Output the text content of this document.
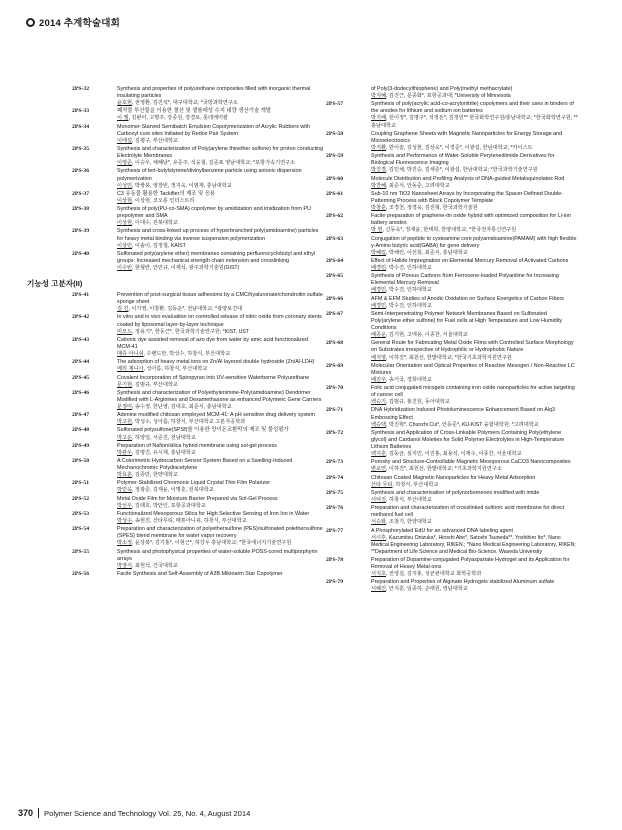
2014 추계학술대회
2PS-32	Synthesis and properties of polyurethane composites filled with inorganic thermal insulating particles
윤호현, 권영환, 김진석*, 대구대학교; *국방과학연구소
2PS-33	폐작물 부산물을 이용한 철산 및 셀룰래성 수지 대량 생산기술 개발
이 엘, 김완이, 고명주, 강종원, 강경보, 롯데케미칼
2PS-34	Monomer-Starved Semibatch Emulsion Copolymerization of Acrylic Rubbers with Carboxyl cure sites Initiated by Redox Pair System
이태섭, 김평구, 부산대학교
2PS-35	Synthesis and characterization of Poly(arylene thioether sulfone) for proton conducting Electrolyte Membranes
이영준, 이승우, 채혜남*, 유준주, 석웅철, 김준표 영남대학교; *포항가속기연구소
2PS-36	Synthesis of tert-butylstyrene/divinylbenzene particle using anionic dispersion polymerization
이성민, 박쌍붕, 영장빈, 정지욱, 이범재, 충남대학교
2PS-37	C3 유동물 활용한 Tackifier의 제조 및 응용
이상현, 이상현, 코오롱 인더스트리
2PS-38	Synthesis of poly(PU-co-SMA) copolymer by amidization and imidization from PU prepolymer and SMA
이상현, 이대수, 전북대학교
2PS-39	Synthesis and cross-linked up process of hyperbranched poly(amidoamine) particles for heavy metal binding via inverse suspension polymerization
이상민, 이솔이, 김정철, KAIST
2PS-40	Sulfonated poly(arylene ether) membranes containing perfluorocyclobutyl and ethyl groups: Increased mechanical strength chain extension and crosslinking
이수빈, 현형란, 안민규, 이재석, 광주과학기술원(GIST)
기능성 고분자(II)
2PS-41	Prevention of post-surgical tissue adhesions by a CMC/hyaluronate/chondroitin sulfate sponge sheet
김 진, 이기영, 이창환, 김동운*, 전남대학교; *광양보건대
2PS-42	In vitro and in vivo evaluation on controlled release of nitric oxide from coronary stents coated by liposomal layer-by-layer technique
미모드, 정용기*, 한동근*, 한국과학기술연구원; *KIST, UST
2PS-43	Cationic dye assisted removal of azo dye from water by amic acid functionalized MCM-41
매쥬 아니쉬, 수렌드란, 박성수, 하창식, 부산대학교
2PS-44	The adsorption of heavy metal ions on Zn/Al layered double hydroxide (Zn/Al-LDH)
메리 제니사, 성아름, 하창식, 부산대학교
2PS-45	Covalent Incorporation of Spiropyran into UV-sensitive Waterborne Polyurethane
문기현, 김범규, 부산대학교
2PS-46	Synthesis and characterization of Polyethylenimine-Poly(amidoamine) Dendrimer Modified with L-Arginines and Dexamethasone as enhanced Polymeric Gene Carriers
문정미, 송수정, 한난영, 김대호, 최준식, 충남대학교
2PS-47	Adenine modified chitosan employed MCM-41: A pH sensitive drug delivery system
박고원, 박성수, 성아름, 하창식, 부산대학교 고분자공학과
2PS-48	Sulfonated polysulfone(SPSf)를 이용한 양이온교환막의 제조 및 물성평가
박고운, 허양일, 서준진, 전남대학교
2PS-49	Preparation of Nafion/silica hybrid membrane using sol-gel process
박관우, 김명진, 유시재, 충남대학교
2PS-50	A Colorimetric Hydrocarbon Sensor System Based on a Swelling-Induced Mechanochromic Polydiacetylene
박효훈, 김종만, 한양대학교
2PS-51	Polymer-Stabilized Chromonic Liquid Crystal Thin Film Polarizer
박민욱, 정광준, 김재윤, 이명훈, 전북대학교
2PS-52	Metal Oxide Film for Moisture Barrier Prepared via Sol-Gel Process
박선우, 김래호, 박안인, 포항공과대학교
2PS-53	Functionalized Mesoporous Silica for High Selective Sensing of Iron Ion in Water
박성수, 송현진, 산타무티, 매튜아니쉬, 하창식, 부산대학교
2PS-54	Preparation and characterization of polyethersulfone (PES)/sulfonated polethersulfone (SPES) blend membrane for water vapor recovery
박소정, 윤상복*, 김기홍*, 이현근*, 허강우 충남대학교; *한국에너지기술연구원
2PS-55	Synthesis and photophysical properties of water-soluble POSS-cored multiporphyrin arrays
박영식, 최현석, 건국대학교
2PS-56	Facile Synthesis and Self-Assembly of A3B Miktoarm Star Copolymer
of Poly(3-dodecylthiophene) and Poly(methyl methacrylate)
박지혜, 김진근, 문종화*, 포항공과대; *University of Minnesota
2PS-57	Synthesis of poly(acrylic acid-co-acrylonitrile) copolymers and their uses in binders of the anodes for lithium and sodium ion batteries
박지해, 원이정*, 김명구*, 석정돈*, 김정민** 한국화학연구원/충남대학교; *한국화학연구원; **충남대학교
2PS-58	Coupling Graphene Sheets with Magnetic Nanoparticles for Energy Storage and Microelectronics
박지환, 한이슬, 김성현, 김상욱*, 이경준*, 이광섭, 한남대학교; *카이스트
2PS-59	Synthesis and Performance of Water-Soluble Perylenediimide Derivatives for Biological Fluorescence Imaging
박진경, 김민채, 박진승, 김세준*, 이광섭, 한남대학교; *한국과학기술연구원
2PS-60	Molecule Distribution and Profiling Analysis of DNA-guided Metaloquinolates Rod
박찬혜, 최준식, 안동준, 고려대학교
2PS-61	Sub-10 nm TiO2 Nanosheet Arrays by Incorporating the Spacer-Defined Double-Patterning Process with Block Copolymer Template
박창훈, 조경천, 정경욱, 김진혁, 한국과학기술원
2PS-62	Facile preparation of graphene-tin oxide hybrid with optimized composition for Li-ion battery anodes
박 헌, 신동욱*, 정재윤, 한태희, 한양대학교; *한국전자통신연구원
2PS-63	Conjugation of peptide to cysteamine core polyamidoamine(PAMAM) with high flexible γ-Amino butyric acid(GABA) for gene delivery
박혜림, 박해린, 이선희, 최준식, 충남대학교
2PS-64	Effect of Halide Impregnation on Elemental Mercury Removal of Activated Carbons
배경민, 박수진, 인하대학교
2PS-65	Synthesis of Porous Carbons from Ferrocene-loaded Polyaniline for Increasing Elemental Mercury Removal
배경민, 박수진, 인하대학교
2PS-66	AFM & EFM Studies of Anodic Oxidation on Surface Energetics of Carbon Fibers
배경민, 박수진, 인하대학교
2PS-67	Semi-Interpenetrating Polymer Network Membranes Based on Sulfonated Poly(arylene ether sulfone) for Fuel cells at High Temperature and Low Humidity Conditions
배종운, 김기현, 고태용, 이종찬, 서울대학교
2PS-68	General Route for Fabricating Metal Oxide Films with Controlled Surface Morphology on Substrates irrespective of Hydrophilic or Hydrophobic Nature
배지영, 이하진*, 최원선, 한밭대학교; *한국기초과학지원연구원
2PS-69	Molecular Orientation and Optical Properties of Reactive Mesogen / Non-Reactive LC Mixtures
배진우, 송기국, 경희대학교
2PS-70	Folic acid conjugated micogels containing iron oxide nanoparticles for active targeting of cancer cell
백승기, 김범규, 홍진원, 동아대학교
2PS-71	DNA Hybridization Induced Photoluminescence Enhancement Based on Alq3 Embossing Effect
백승택, 박진혁*, Chunzhi Cui*, 안동준*, KU-KIST 융합대학원; *고려대학교
2PS-72	Synthesis and Application of Cross-Linkable Polymers Containing Poly(ethylene glycol) and Cardanol Moieties for Solid Polymer Electrolytes in High-Temperature Lithium Batteries
백지훈, 김동균, 심지민, 이진홍, 최용석, 이재수, 이종찬, 서울대학교
2PS-73	Porosity and Structure-Controllable Magnetic Mesoporous CaCO3 Nanocomposites
변교연, 이하진*, 최원선, 한밭대학교; *기초과학지원연구소
2PS-74	Chitosan Coated Magnetic Nanoparticles for Heavy Metal Adsorption
산타 무티, 하창식, 부산대학교
2PS-75	Synthesis and characterisation of polynorbornenes modified with imide
서덕진, 하창식, 부산대학교
2PS-76	Preparation and characterization of crosslinked sulfonic acid membrane for direct methanol fuel cell
서승화, 조창기, 한양대학교
2PS-77	A Phosphorylated EdU for an advanced DNA labeling agent
서시후, Kazumitsu Onizuka*, Hiroshi Abe*, Satoshi Tsuneda**, Yoshihiro Ito*, Nano Medical Engineering Laboratory, RIKEN.; *Nano Medical Engineering Laboratory, RIKEN; **Department of Life Science and Medical Bio-Science, Waseda University
2PS-78	Preparation of Dopamine-conjugated Polyaspartate Hydrogel and its Application for Removal of Heavy Metal-ions
서지호, 전영실, 김지홍, 성균관대학교 화학공학과
2PS-79	Preparation and Properties of Alginate Hydrogels stabilized Aluminum sulfate
서혜진, 안지훈, 임종하, 손태원, 영남대학교
370 Polymer Science and Technology Vol. 25, No. 4, August 2014
